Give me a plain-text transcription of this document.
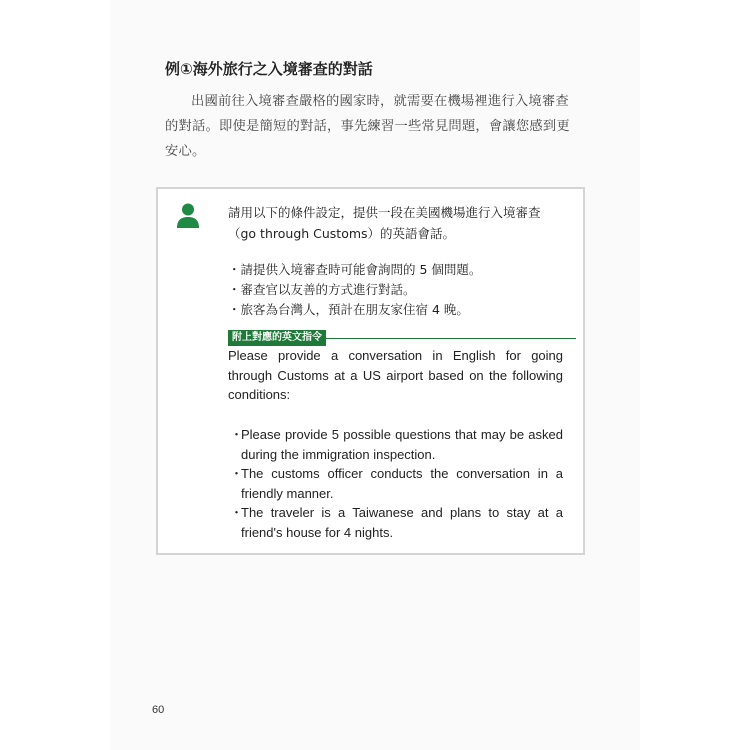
例①海外旅行之入境審查的對話

出國前往入境審查嚴格的國家時，就需要在機場裡進行入境審查
的對話。即使是簡短的對話，事先練習一些常見問題，會讓您感到更
安心。

請用以下的條件設定，提供一段在美國機場進行入境審查
（go through Customs）的英語會話。

・請提供入境審查時可能會詢問的 5 個問題。
・審查官以友善的方式進行對話。
・旅客為台灣人，預計在朋友家住宿 4 晚。
附上對應的英文指令

Please provide a conversation in English for going
through Customs at a US airport based on the following
conditions:

・
Please provide 5 possible questions that may be asked
during the immigration inspection.
・
The customs officer conducts the conversation in a
friendly manner.
・
The traveler is a Taiwanese and plans to stay at a
friend's house for 4 nights.
60
